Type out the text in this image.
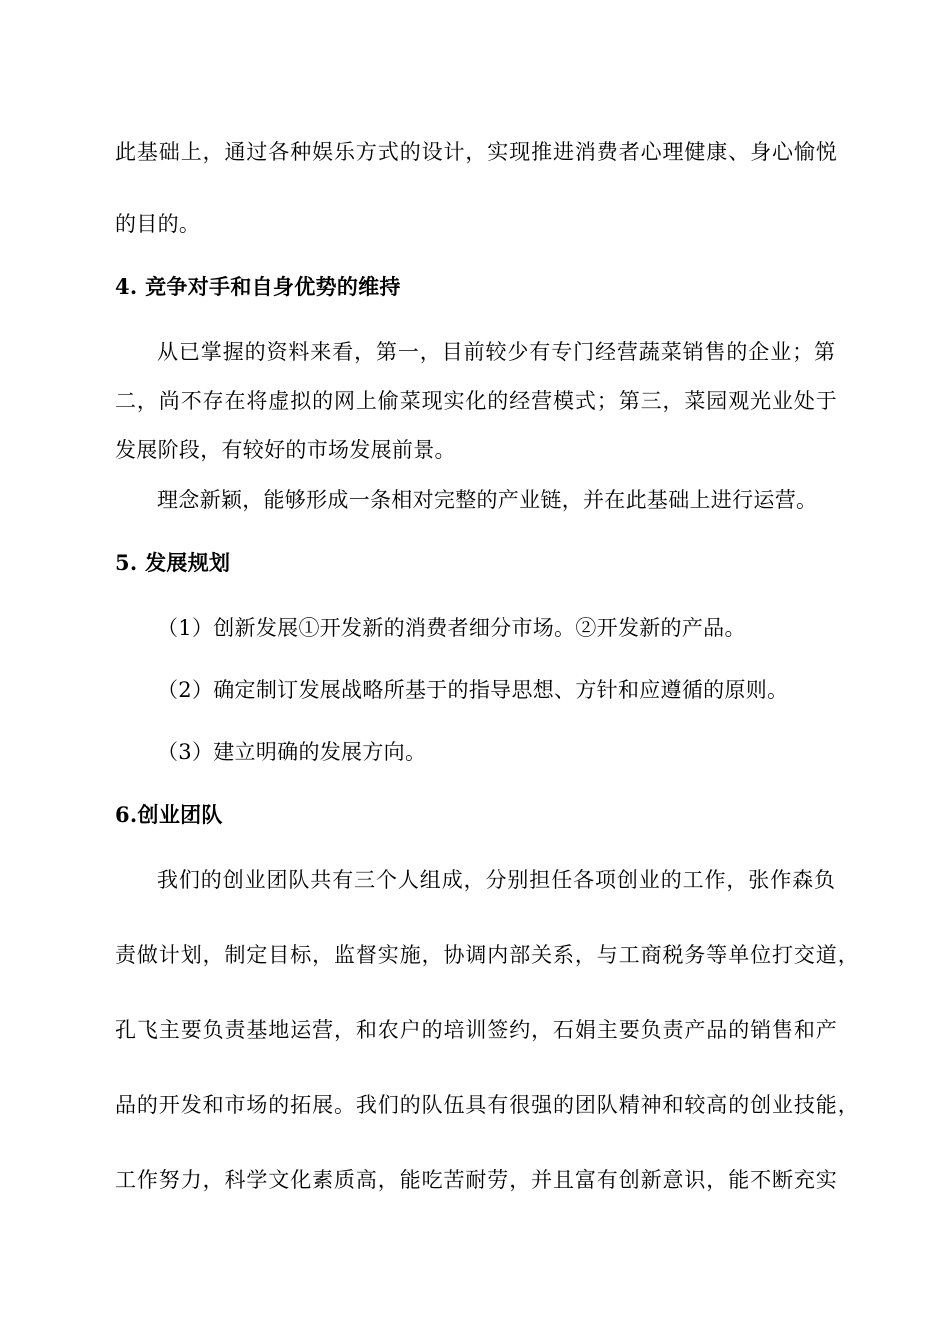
此基础上，通过各种娱乐方式的设计，实现推进消费者心理健康、身心愉悦
的目的。
4. 竞争对手和自身优势的维持
从已掌握的资料来看，第一，目前较少有专门经营蔬菜销售的企业；第
二，尚不存在将虚拟的网上偷菜现实化的经营模式；第三，菜园观光业处于
发展阶段，有较好的市场发展前景。
理念新颖，能够形成一条相对完整的产业链，并在此基础上进行运营。
5. 发展规划
（1）创新发展①开发新的消费者细分市场。②开发新的产品。
（2）确定制订发展战略所基于的指导思想、方针和应遵循的原则。
（3）建立明确的发展方向。
6.创业团队
我们的创业团队共有三个人组成，分别担任各项创业的工作，张作森负
责做计划，制定目标，监督实施，协调内部关系，与工商税务等单位打交道，
孔飞主要负责基地运营，和农户的培训签约，石娟主要负责产品的销售和产
品的开发和市场的拓展。我们的队伍具有很强的团队精神和较高的创业技能，
工作努力，科学文化素质高，能吃苦耐劳，并且富有创新意识，能不断充实
